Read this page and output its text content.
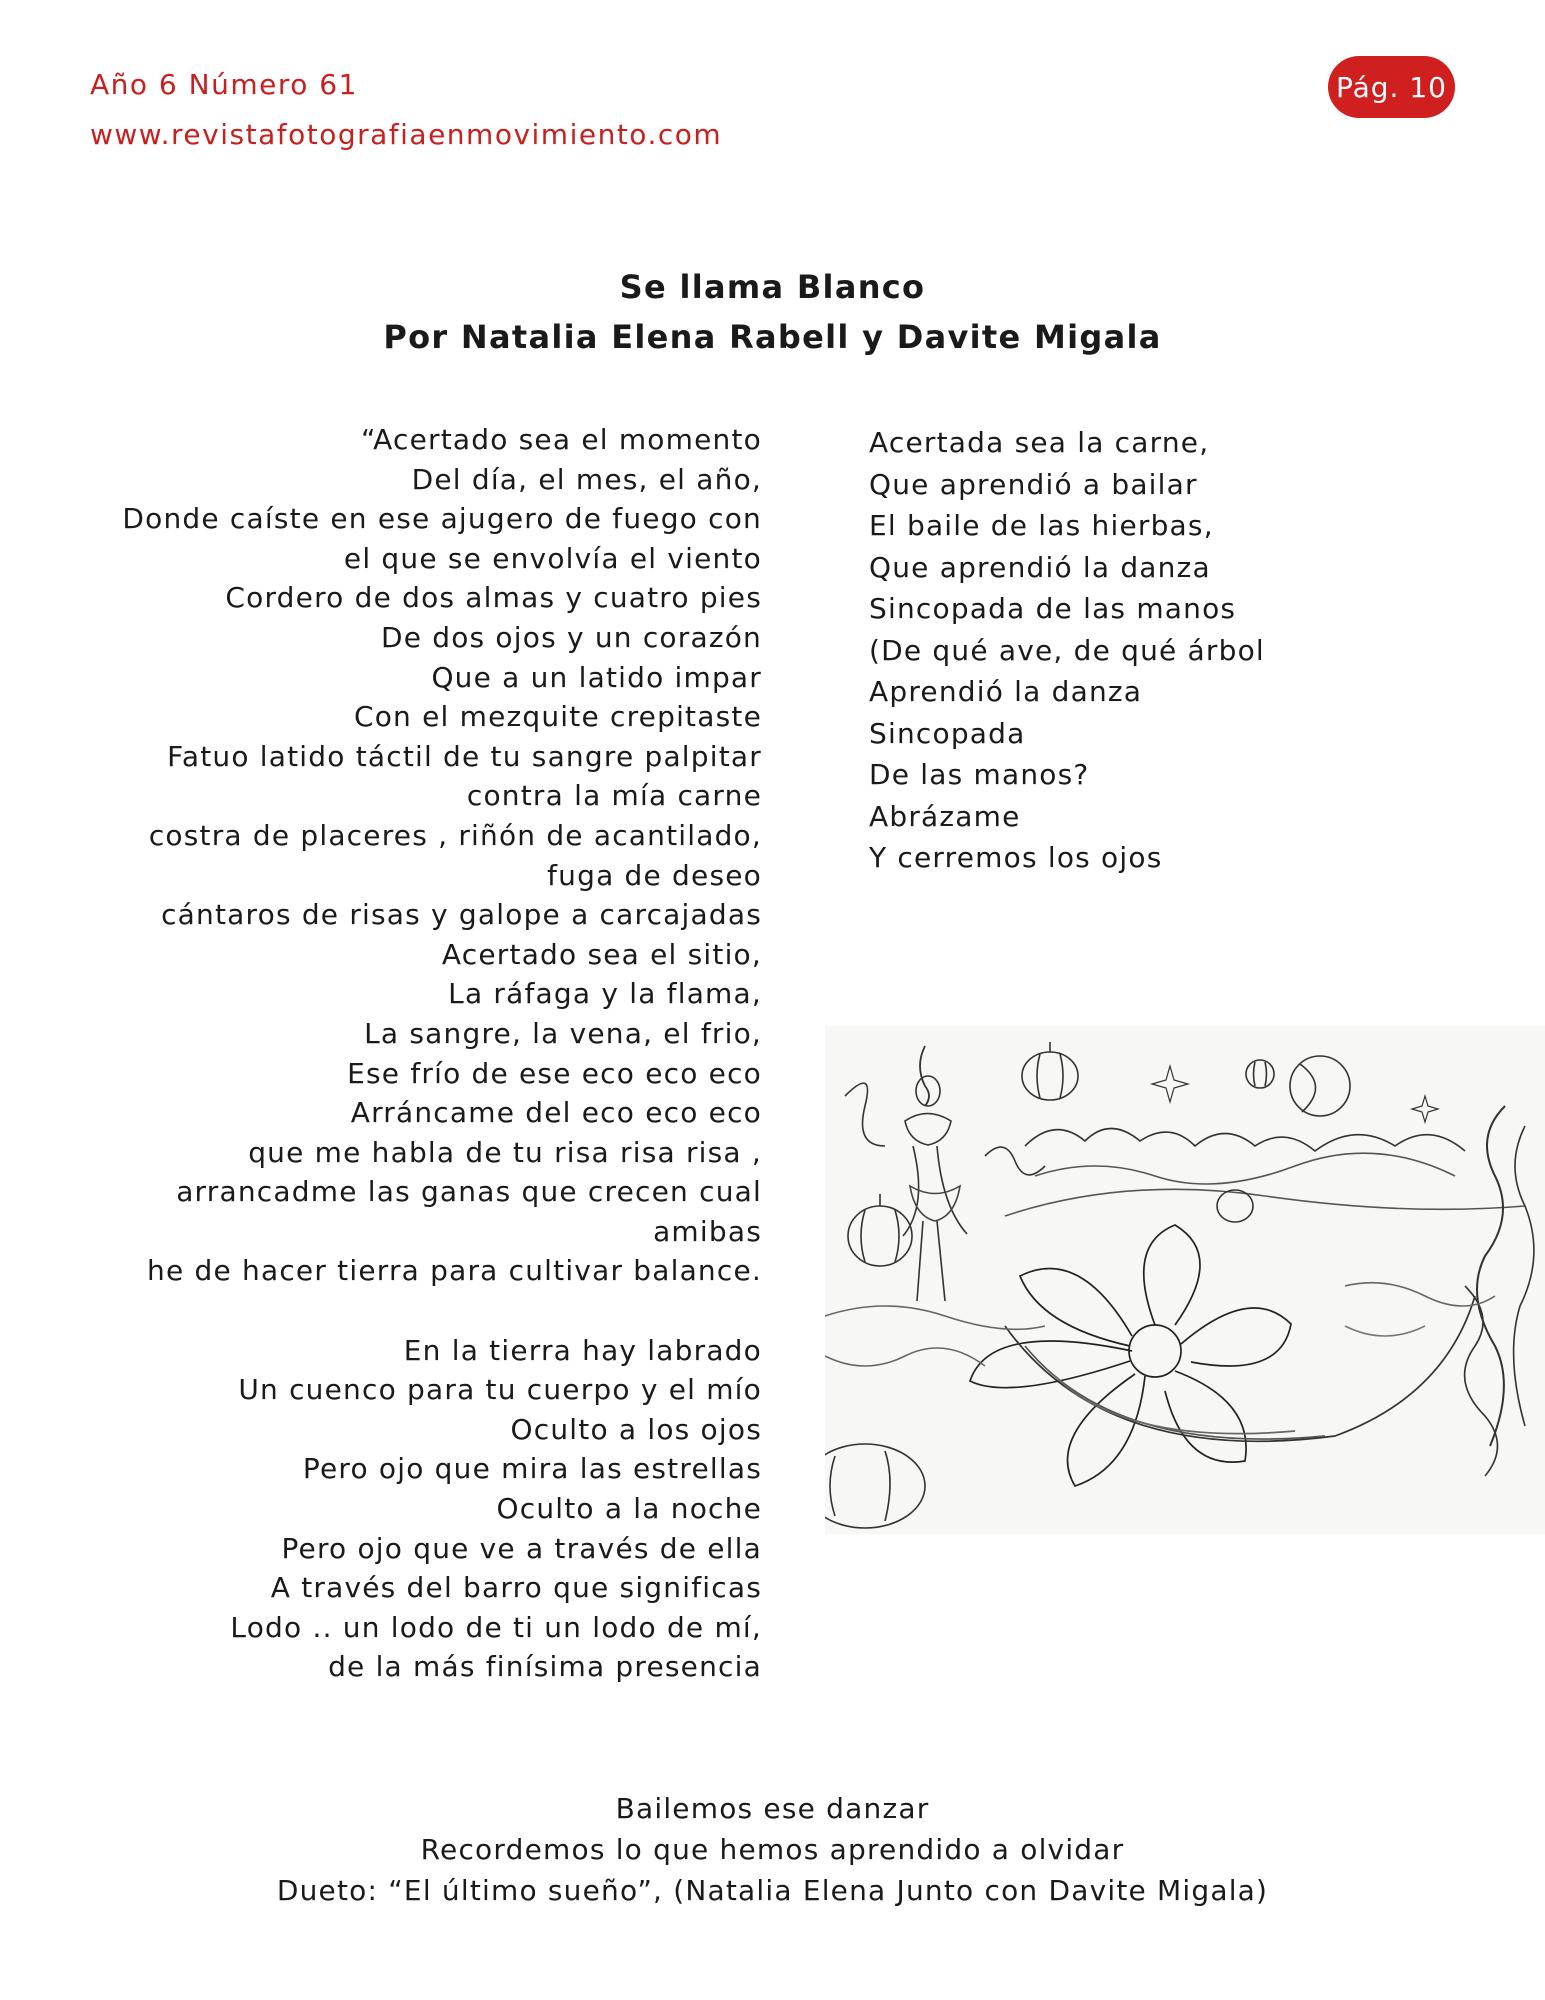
Año 6 Número 61
www.revistafotografiaenmovimiento.com
Pág. 10
Se llama Blanco
Por Natalia Elena Rabell y Davite Migala
“Acertado sea el momento
Del día, el mes, el año,
Donde caíste en ese ajugero de fuego con
el que se envolvía el viento
Cordero de dos almas y cuatro pies
De dos ojos y un corazón
Que a un latido impar
Con el mezquite crepitaste
Fatuo latido táctil de tu sangre palpitar
contra la mía carne
costra de placeres , riñón de acantilado,
fuga de deseo
cántaros de risas y galope a carcajadas
Acertado sea el sitio,
La ráfaga y la flama,
La sangre, la vena, el frio,
Ese frío de ese eco eco eco
Arráncame del eco eco eco
que me habla de tu risa risa risa ,
arrancadme las ganas que crecen cual
amibas
he de hacer tierra para cultivar balance.
En la tierra hay labrado
Un cuenco para tu cuerpo y el mío
Oculto a los ojos
Pero ojo que mira las estrellas
Oculto a la noche
Pero ojo que ve a través de ella
A través del barro que significas
Lodo .. un lodo de ti un lodo de mí,
de la más finísima presencia
Acertada sea la carne,
Que aprendió a bailar
El baile de las hierbas,
Que aprendió la danza
Sincopada de las manos
(De qué ave, de qué árbol
Aprendió la danza
Sincopada
De las manos?
Abrázame
Y cerremos los ojos
Bailemos ese danzar
Recordemos lo que hemos aprendido a olvidar
Dueto: “El último sueño”, (Natalia Elena Junto con Davite Migala)
